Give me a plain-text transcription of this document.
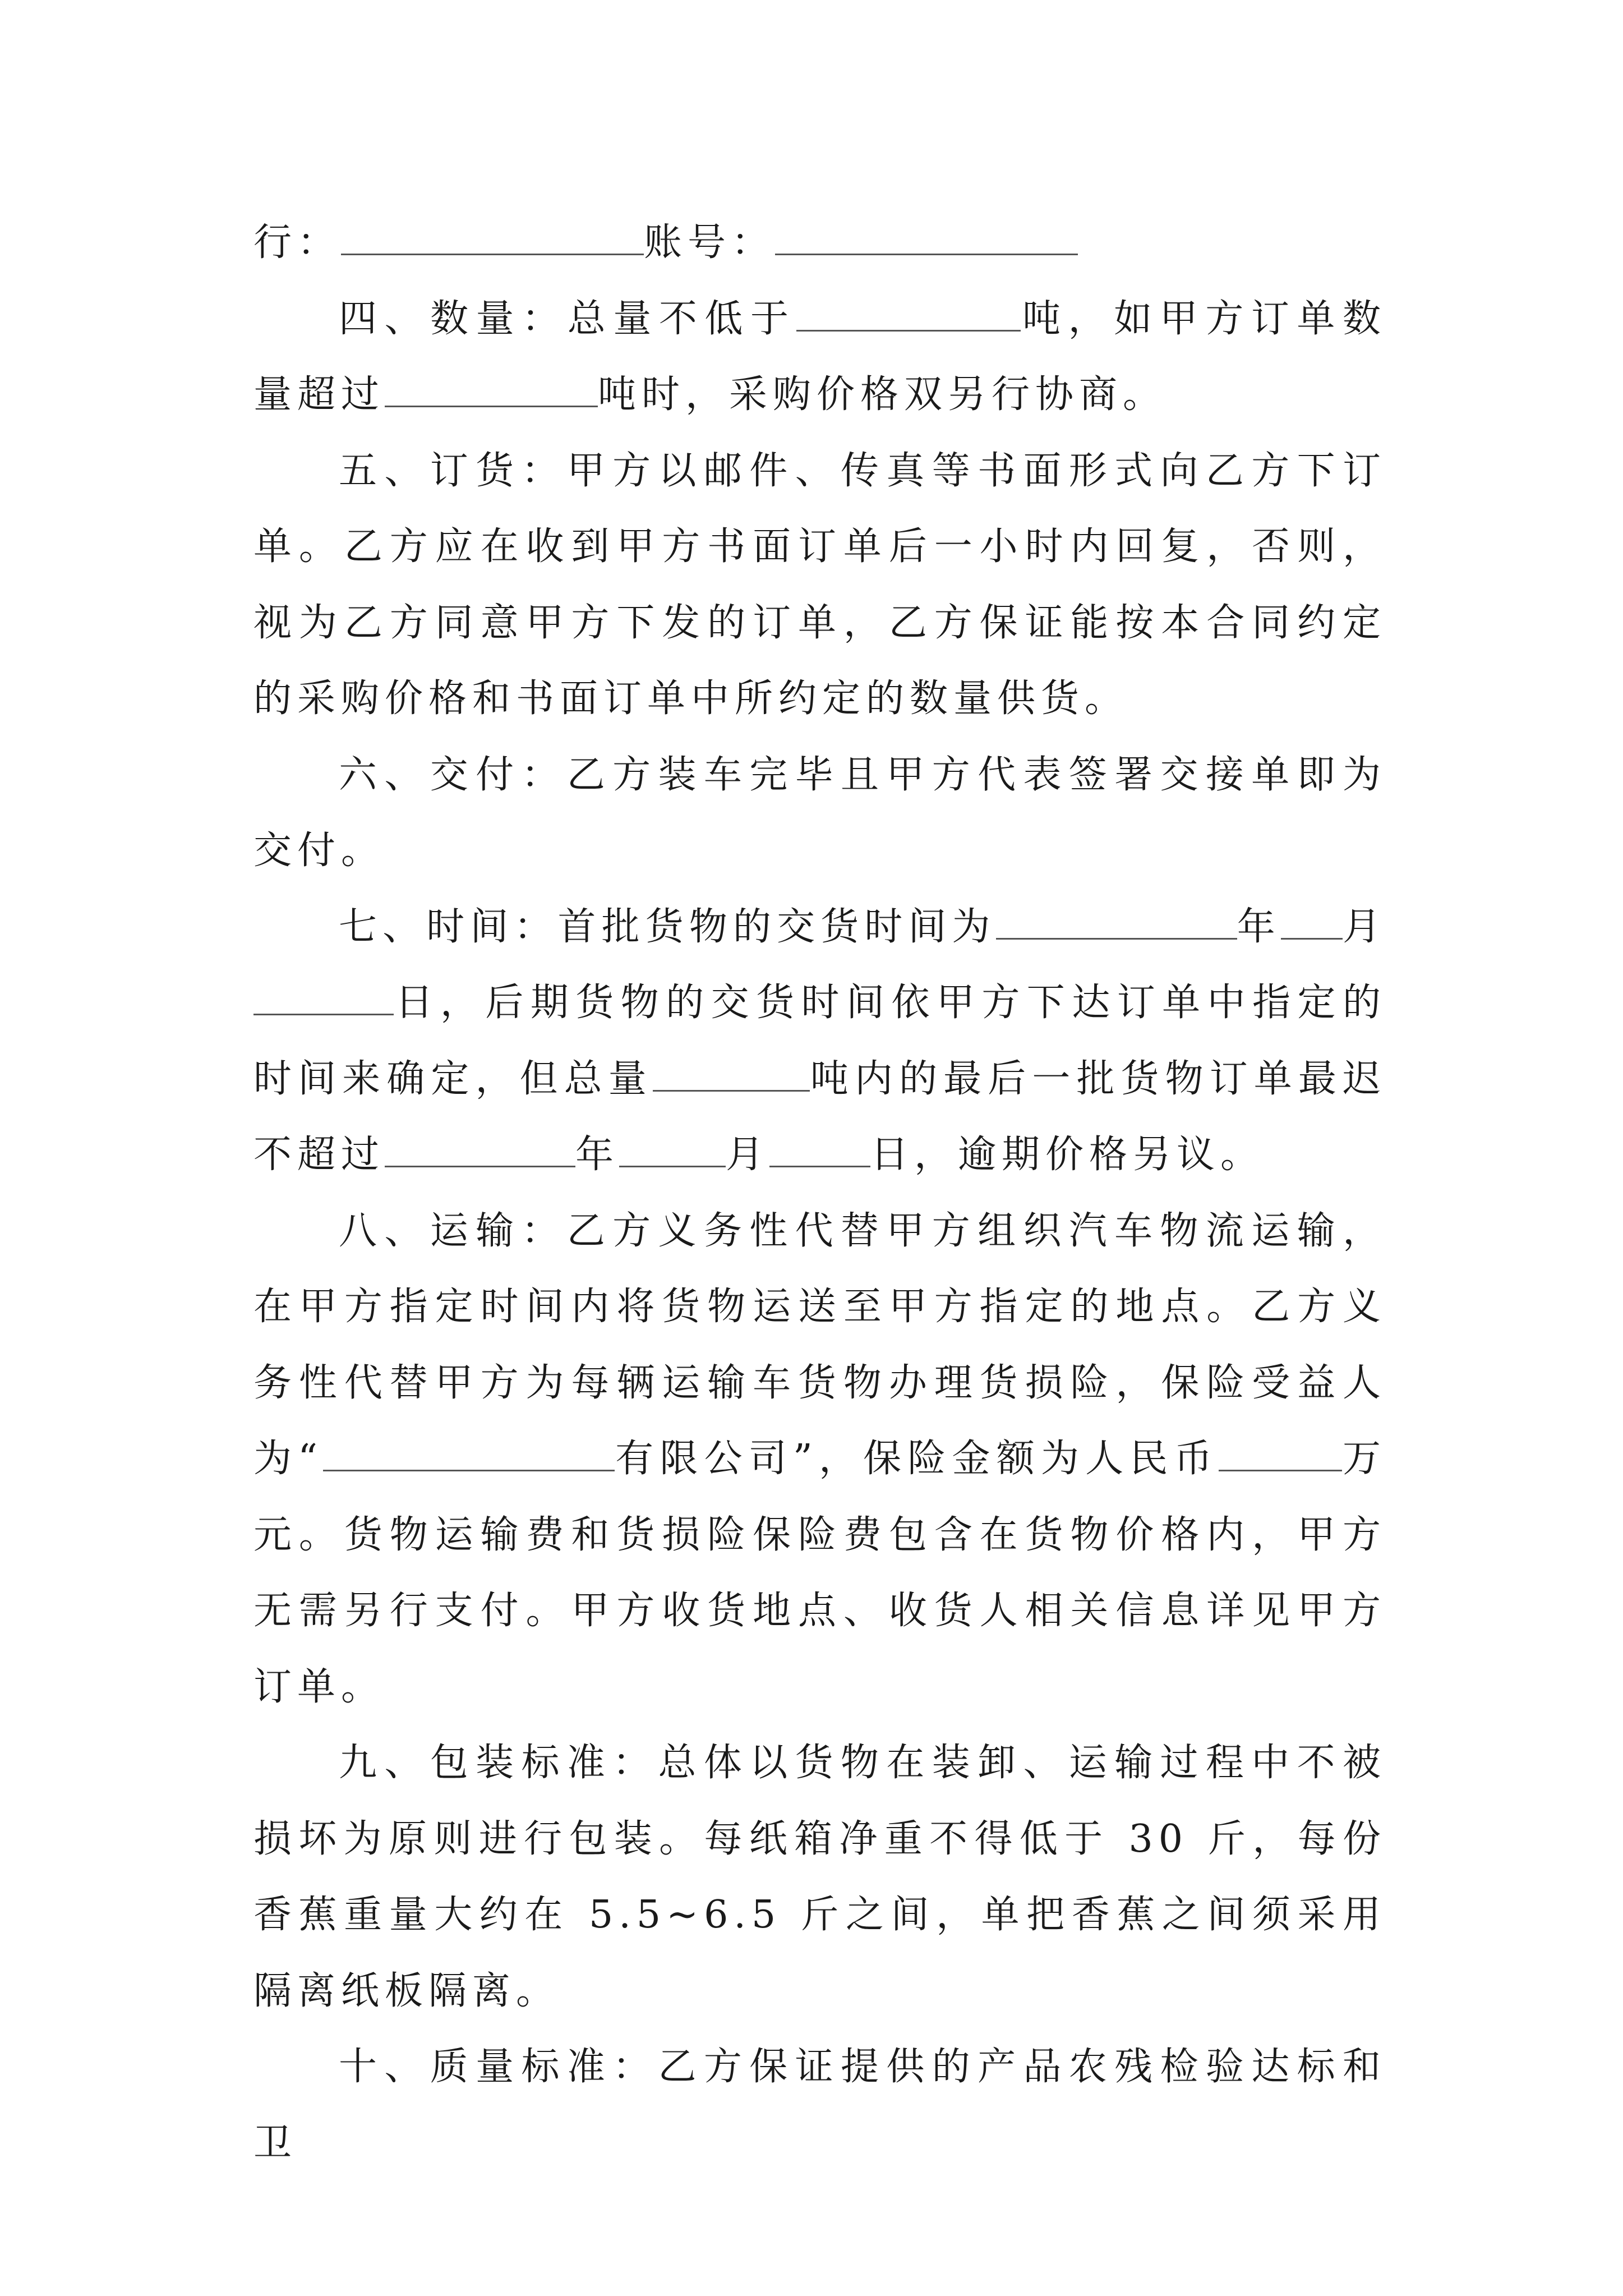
行：	账号：

四、数量：总量不低于	吨，如甲方订单数量超过	吨时，采购价格双另行协商。

五、订货：甲方以邮件、传真等书面形式向乙方下订单。乙方应在收到甲方书面订单后一小时内回复，否则，视为乙方同意甲方下发的订单，乙方保证能按本合同约定的采购价格和书面订单中所约定的数量供货。

六、交付：乙方装车完毕且甲方代表签署交接单即为交付。

七、时间：首批货物的交货时间为	年 月日，后期货物的交货时间依甲方下达订单中指定的时间来确定，但总量	吨内的最后一批货物订单最迟不超过	年	月	日，逾期价格另议。

八、运输：乙方义务性代替甲方组织汽车物流运输，在甲方指定时间内将货物运送至甲方指定的地点。乙方义务性代替甲方为每辆运输车货物办理货损险，保险受益人为“	有限公司”，保险金额为人民币	万元。货物运输费和货损险保险费包含在货物价格内，甲方无需另行支付。甲方收货地点、收货人相关信息详见甲方订单。

九、包装标准：总体以货物在装卸、运输过程中不被损坏为原则进行包装。每纸箱净重不得低于 30 斤，每份香蕉重量大约在 5.5~6.5 斤之间，单把香蕉之间须采用隔离纸板隔离。

十、质量标准：乙方保证提供的产品农残检验达标和卫
